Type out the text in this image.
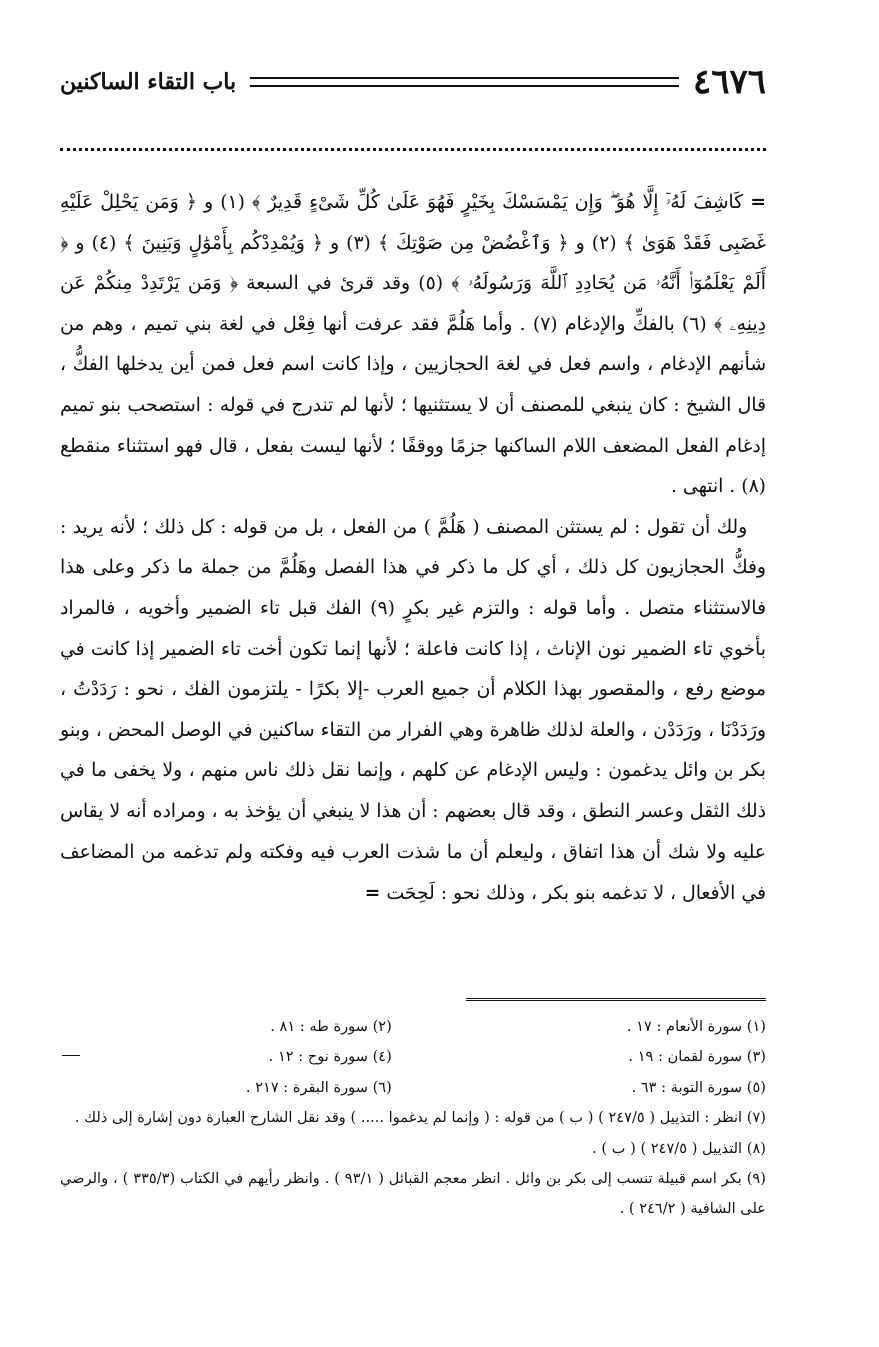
٤٦٧٦
باب التقاء الساكنين

= كَاشِفَ لَهُۥٓ إِلَّا هُوَ ۖ وَإِن يَمْسَسْكَ بِخَيْرٍ فَهُوَ عَلَىٰ كُلِّ شَىْءٍ قَدِيرٌ ﴾ (١) و ﴿ وَمَن يَحْلِلْ عَلَيْهِ غَضَبِى فَقَدْ هَوَىٰ ﴾ (٢) و ﴿ وَٱغْضُضْ مِن صَوْتِكَ ﴾ (٣) و ﴿ وَيُمْدِدْكُم بِأَمْوَٰلٍ وَبَنِينَ ﴾ (٤) و ﴿ أَلَمْ يَعْلَمُوٓا۟ أَنَّهُۥ مَن يُحَادِدِ ٱللَّهَ وَرَسُولَهُۥ ﴾ (٥) وقد قرئ في السبعة ﴿ وَمَن يَرْتَدِدْ مِنكُمْ عَن دِينِهِۦ ﴾ (٦) بالفكِّ والإدغام (٧) . وأما هَلُمَّ فقد عرفت أنها فِعْل في لغة بني تميم ، وهم من شأنهم الإدغام ، واسم فعل في لغة الحجازيين ، وإذا كانت اسم فعل فمن أين يدخلها الفكُّ ، قال الشيخ : كان ينبغي للمصنف أن لا يستثنيها ؛ لأنها لم تندرج في قوله : استصحب بنو تميم إدغام الفعل المضعف اللام الساكنها جزمًا ووقفًا ؛ لأنها ليست بفعل ، قال فهو استثناء منقطع (٨) . انتهى .

 ولك أن تقول : لم يستثن المصنف ( هَلُمَّ ) من الفعل ، بل من قوله : كل ذلك ؛ لأنه يريد : وفكُّ الحجازيون كل ذلك ، أي كل ما ذكر في هذا الفصل وهَلُمَّ من جملة ما ذكر وعلى هذا فالاستثناء متصل . وأما قوله : والتزم غير بكرٍ (٩) الفك قبل تاء الضمير وأخويه ، فالمراد بأخوي تاء الضمير نون الإناث ، إذا كانت فاعلة ؛ لأنها إنما تكون أخت تاء الضمير إذا كانت في موضع رفع ، والمقصور بهذا الكلام أن جميع العرب -إلا بكرًا - يلتزمون الفك ، نحو : رَدَدْتُ ، ورَدَدْنَا ، ورَدَدْن ، والعلة لذلك ظاهرة وهي الفرار من التقاء ساكنين في الوصل المحض ، وبنو بكر بن وائل يدغمون : وليس الإدغام عن كلهم ، وإنما نقل ذلك ناس منهم ، ولا يخفى ما في ذلك الثقل وعسر النطق ، وقد قال بعضهم : أن هذا لا ينبغي أن يؤخذ به ، ومراده أنه لا يقاس عليه ولا شك أن هذا اتفاق ، وليعلم أن ما شذت العرب فيه وفكته ولم تدغمه من المضاعف في الأفعال ، لا تدغمه بنو بكر ، وذلك نحو : لَحِحَت =

(١) سورة الأنعام : ١٧ .
(٢) سورة طه : ٨١ .
(٣) سورة لقمان : ١٩ .
(٤) سورة نوح : ١٢ .
(٥) سورة التوبة : ٦٣ .
(٦) سورة البقرة : ٢١٧ .
(٧) انظر : التذييل ( ٢٤٧/٥ ) ( ب ) من قوله : ( وإنما لم يدغموا ..... ) وقد نقل الشارح العبارة دون إشارة إلى ذلك .
(٨) التذييل ( ٢٤٧/٥ ) ( ب ) .
(٩) بكر اسم قبيلة تنسب إلى بكر بن وائل . انظر معجم القبائل ( ٩٣/١ ) . وانظر رأيهم في الكتاب (٣٣٥/٣ ) ، والرضي على الشافية ( ٢٤٦/٢ ) .
